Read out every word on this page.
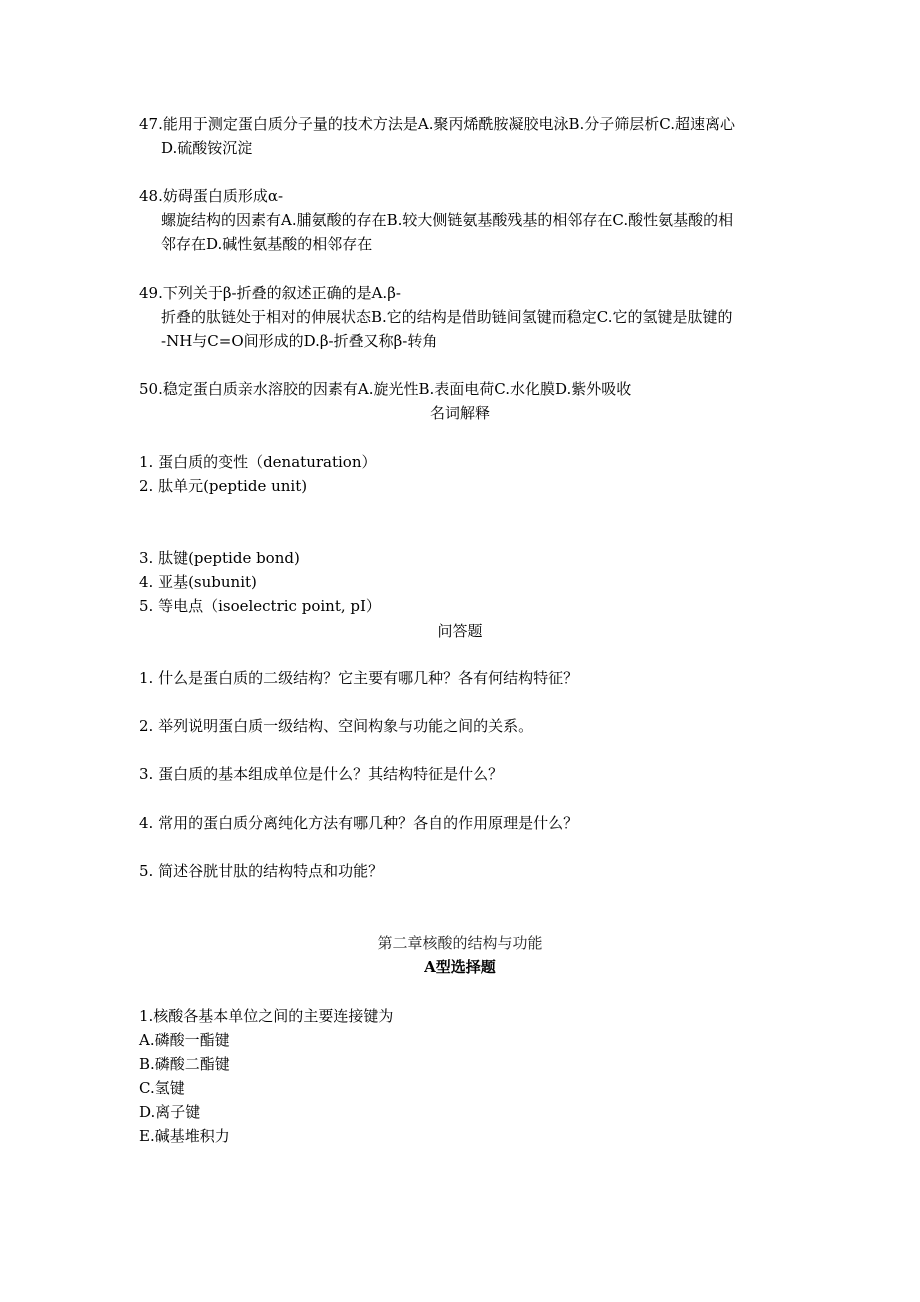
47.能用于测定蛋白质分子量的技术方法是A.聚丙烯酰胺凝胶电泳B.分子筛层析C.超速离心
D.硫酸铵沉淀
48.妨碍蛋白质形成α-
螺旋结构的因素有A.脯氨酸的存在B.较大侧链氨基酸残基的相邻存在C.酸性氨基酸的相
邻存在D.碱性氨基酸的相邻存在
49.下列关于β-折叠的叙述正确的是A.β-
折叠的肽链处于相对的伸展状态B.它的结构是借助链间氢键而稳定C.它的氢键是肽键的
-NH与C=O间形成的D.β-折叠又称β-转角
50.稳定蛋白质亲水溶胶的因素有A.旋光性B.表面电荷C.水化膜D.紫外吸收
名词解释
1. 蛋白质的变性（denaturation）
2. 肽单元(peptide unit)
3. 肽键(peptide bond)
4. 亚基(subunit)
5. 等电点（isoelectric point, pI）
问答题
1. 什么是蛋白质的二级结构？它主要有哪几种？各有何结构特征？
2. 举列说明蛋白质一级结构、空间构象与功能之间的关系。
3. 蛋白质的基本组成单位是什么？其结构特征是什么？
4. 常用的蛋白质分离纯化方法有哪几种？各自的作用原理是什么？
5. 简述谷胱甘肽的结构特点和功能？
第二章核酸的结构与功能
A型选择题
1.核酸各基本单位之间的主要连接键为
A.磷酸一酯键
B.磷酸二酯键
C.氢键
D.离子键
E.碱基堆积力
